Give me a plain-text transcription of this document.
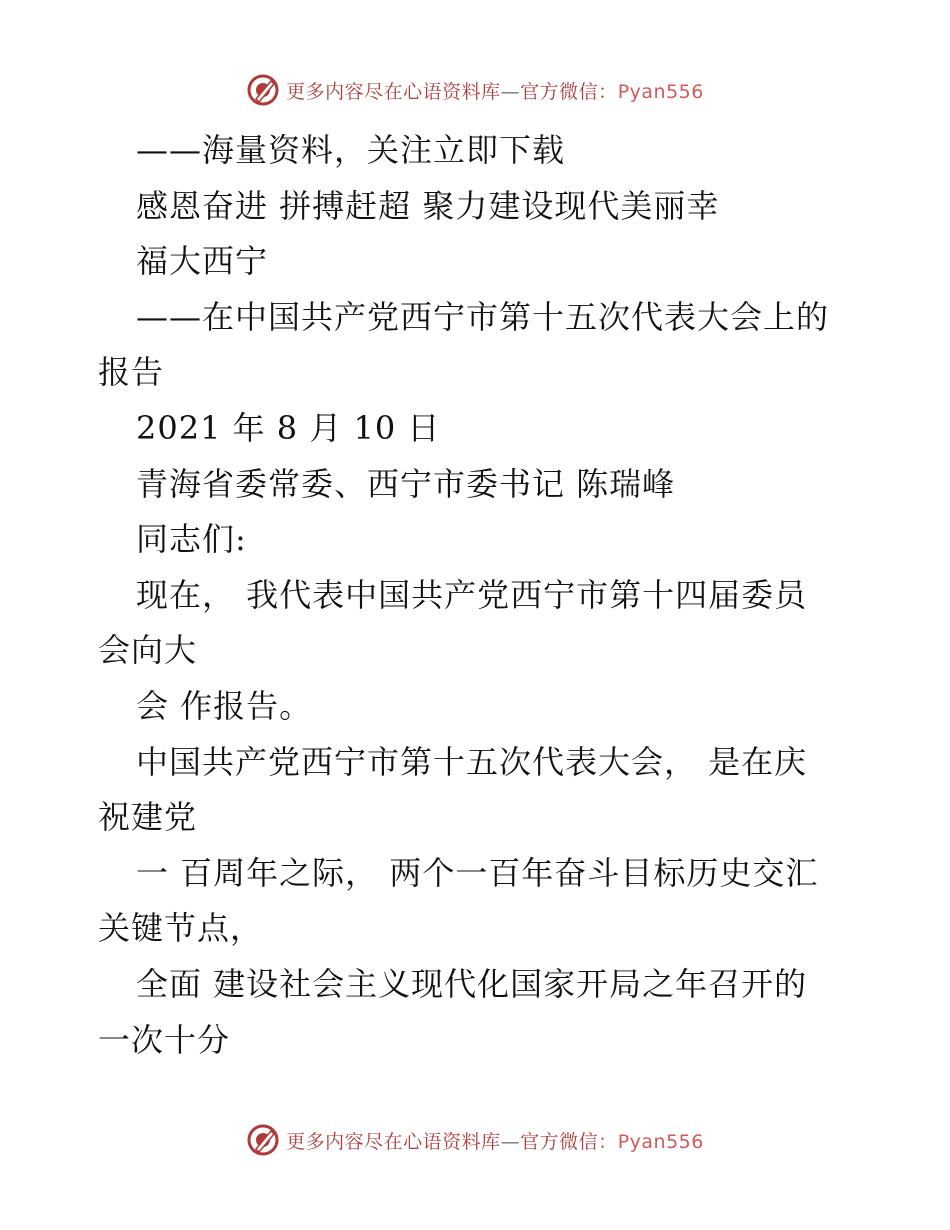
更多内容尽在心语资料库—官方微信：Pyan556
——海量资料，关注立即下载
感恩奋进 拼搏赶超 聚力建设现代美丽幸
福大西宁
——在中国共产党西宁市第十五次代表大会上的
报告
2021 年 8 月 10 日
青海省委常委、西宁市委书记 陈瑞峰
同志们:
现在， 我代表中国共产党西宁市第十四届委员
会向大
会 作报告。
中国共产党西宁市第十五次代表大会， 是在庆
祝建党
一 百周年之际， 两个一百年奋斗目标历史交汇
关键节点，
全面 建设社会主义现代化国家开局之年召开的
一次十分
更多内容尽在心语资料库—官方微信：Pyan556
